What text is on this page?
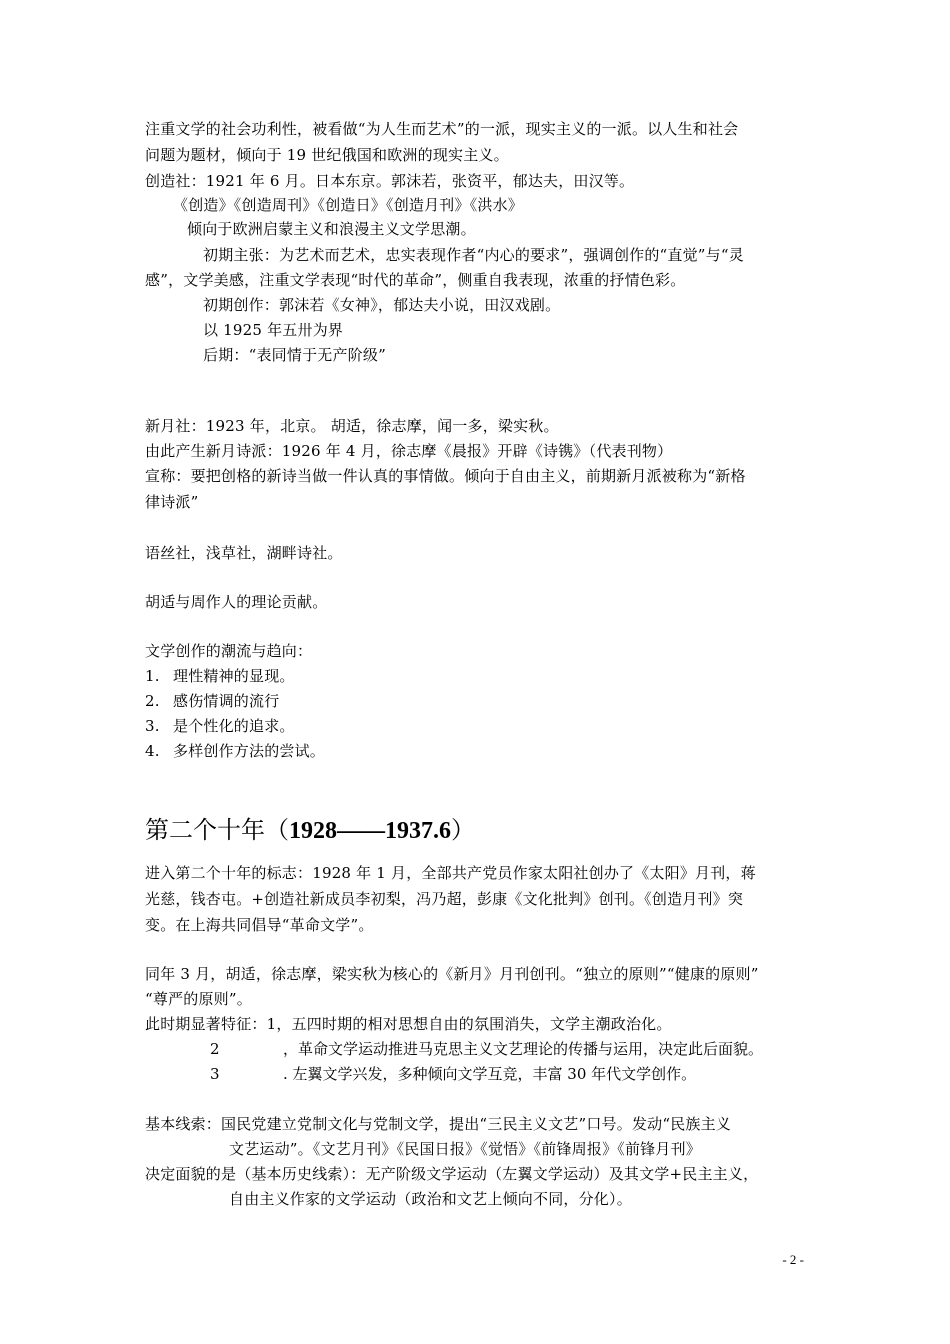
注重文学的社会功利性，被看做“为人生而艺术”的一派，现实主义的一派。以人生和社会
问题为题材，倾向于 19 世纪俄国和欧洲的现实主义。
创造社：1921 年 6 月。日本东京。郭沫若，张资平，郁达夫，田汉等。
《创造》《创造周刊》《创造日》《创造月刊》《洪水》
倾向于欧洲启蒙主义和浪漫主义文学思潮。
初期主张：为艺术而艺术，忠实表现作者“内心的要求”，强调创作的“直觉”与“灵
感”，文学美感，注重文学表现“时代的革命”，侧重自我表现，浓重的抒情色彩。
初期创作：郭沫若《女神》，郁达夫小说，田汉戏剧。
以 1925 年五卅为界
后期：“表同情于无产阶级”
新月社：1923 年，北京。 胡适，徐志摩，闻一多，梁实秋。
由此产生新月诗派：1926 年 4 月，徐志摩《晨报》开辟《诗镌》（代表刊物）
宣称：要把创格的新诗当做一件认真的事情做。倾向于自由主义，前期新月派被称为“新格
律诗派”
语丝社，浅草社，湖畔诗社。
胡适与周作人的理论贡献。
文学创作的潮流与趋向：
1. 理性精神的显现。
2. 感伤情调的流行
3. 是个性化的追求。
4. 多样创作方法的尝试。
第二个十年（1928——1937.6）
进入第二个十年的标志：1928 年 1 月，全部共产党员作家太阳社创办了《太阳》月刊，蒋
光慈，钱杏屯。+创造社新成员李初梨，冯乃超，彭康《文化批判》创刊。《创造月刊》突
变。在上海共同倡导“革命文学”。
同年 3 月，胡适，徐志摩，梁实秋为核心的《新月》月刊创刊。“独立的原则”“健康的原则”
“尊严的原则”。
此时期显著特征：1，五四时期的相对思想自由的氛围消失，文学主潮政治化。
2	，革命文学运动推进马克思主义文艺理论的传播与运用，决定此后面貌。
3	. 左翼文学兴发，多种倾向文学互竞，丰富 30 年代文学创作。
基本线索：国民党建立党制文化与党制文学，提出“三民主义文艺”口号。发动“民族主义
文艺运动”。《文艺月刊》《民国日报》《觉悟》《前锋周报》《前锋月刊》
决定面貌的是（基本历史线索）：无产阶级文学运动（左翼文学运动）及其文学+民主主义，
自由主义作家的文学运动（政治和文艺上倾向不同，分化）。
- 2 -
